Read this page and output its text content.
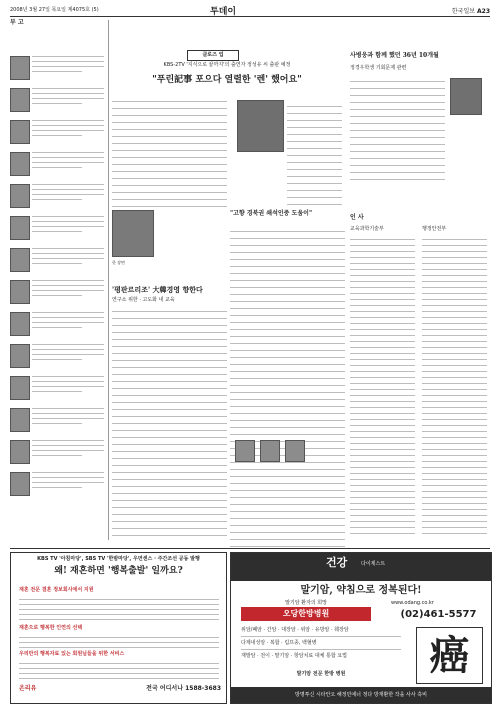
2008년 3월 27일 목요일 제4075호 (5)	투데이	한국일보 A23
부 고
클로즈 업
KBS-2TV '지식으로 끝까지'의 출연자 정성유 씨 출판 예정
"푸린記事 포으다 열렬한 '렌' 했어요"
한 장면
'평판르리조' 大韓경영 향한다
연구소 위한 · 고도화 내 교육
"고향 경북권 쇄석인중 도움이"
사병웅과 함께 했던 36년 10개월
정경우학생 기회문제 관련
인 사
교육과학기술부	행정안전부
KBS TV '아침마당', SBS TV '한밤마당', 우먼센스 · 주간조선 공동 발행
왜! 재혼하면 '행복출발' 일까요?
재혼 전문 결혼 정보회사에서 지원
재혼으로 행복한 인연의 선택
우리만의 행복자료 있는 회원님들을 위한 서비스
온리유	전국 어디서나 1588-3683
건강	다이제스트
말기암, 약침으로 정복된다!
말기암 환자의 희망
오당한방병원
www.odang.co.kr
(02)461-5577
위암/폐암 · 간암 · 대장암 · 위암 · 유방암 · 췌장암
다제내성암 · 복합 · 림프종, 백혈병
재발암 · 전이 · 말기암 · 항암치료 대체 통합 요법	癌
말기암 전문 한방 병원
방명투신 시타안오 해정민에너 정다 방재환한 작을 사사 혹비
